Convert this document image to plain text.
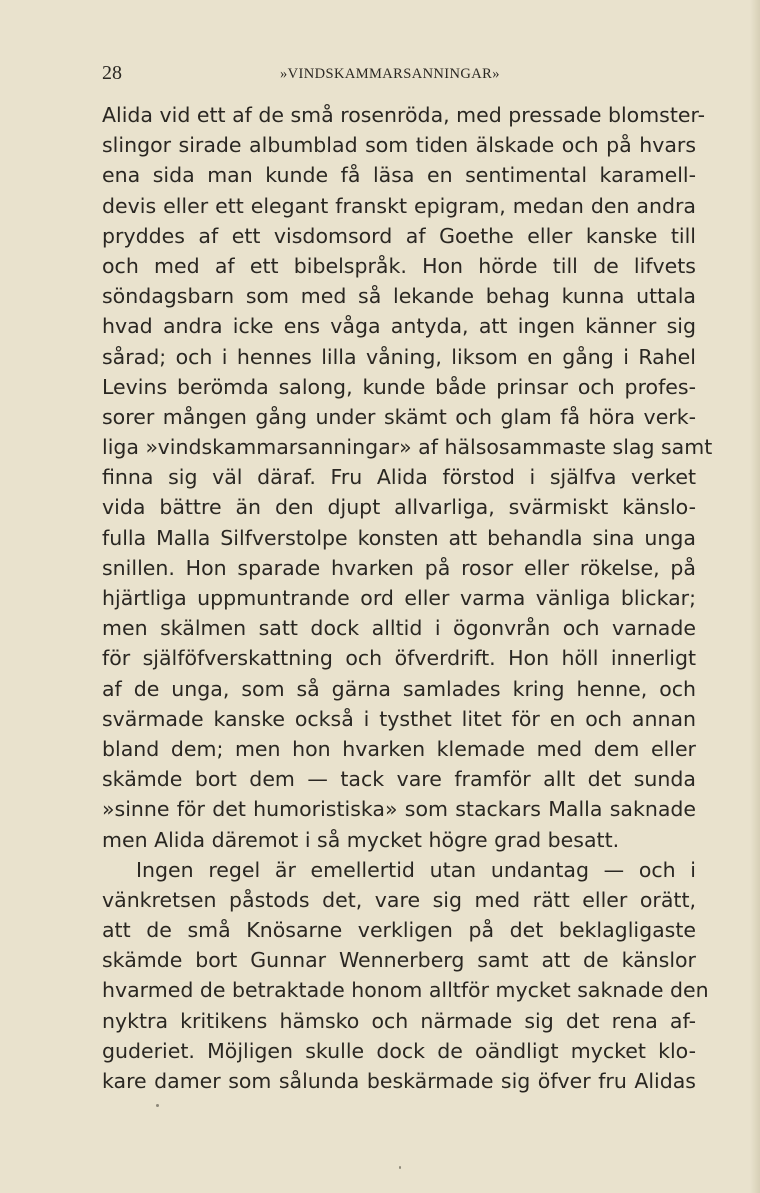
28	»VINDSKAMMARSANNINGAR»
Alida vid ett af de små rosenröda, med pressade blomster-
slingor sirade albumblad som tiden älskade och på hvars
ena sida man kunde få läsa en sentimental karamell-
devis eller ett elegant franskt epigram, medan den andra
pryddes af ett visdomsord af Goethe eller kanske till
och med af ett bibelspråk. Hon hörde till de lifvets
söndagsbarn som med så lekande behag kunna uttala
hvad andra icke ens våga antyda, att ingen känner sig
sårad; och i hennes lilla våning, liksom en gång i Rahel
Levins berömda salong, kunde både prinsar och profes-
sorer mången gång under skämt och glam få höra verk-
liga »vindskammarsanningar» af hälsosammaste slag samt
finna sig väl däraf. Fru Alida förstod i själfva verket
vida bättre än den djupt allvarliga, svärmiskt känslo-
fulla Malla Silfverstolpe konsten att behandla sina unga
snillen. Hon sparade hvarken på rosor eller rökelse, på
hjärtliga uppmuntrande ord eller varma vänliga blickar;
men skälmen satt dock alltid i ögonvrån och varnade
för själföfverskattning och öfverdrift. Hon höll innerligt
af de unga, som så gärna samlades kring henne, och
svärmade kanske också i tysthet litet för en och annan
bland dem; men hon hvarken klemade med dem eller
skämde bort dem — tack vare framför allt det sunda
»sinne för det humoristiska» som stackars Malla saknade
men Alida däremot i så mycket högre grad besatt.
Ingen regel är emellertid utan undantag — och i
vänkretsen påstods det, vare sig med rätt eller orätt,
att de små Knösarne verkligen på det beklagligaste
skämde bort Gunnar Wennerberg samt att de känslor
hvarmed de betraktade honom alltför mycket saknade den
nyktra kritikens hämsko och närmade sig det rena af-
guderiet. Möjligen skulle dock de oändligt mycket klo-
kare damer som sålunda beskärmade sig öfver fru Alidas
